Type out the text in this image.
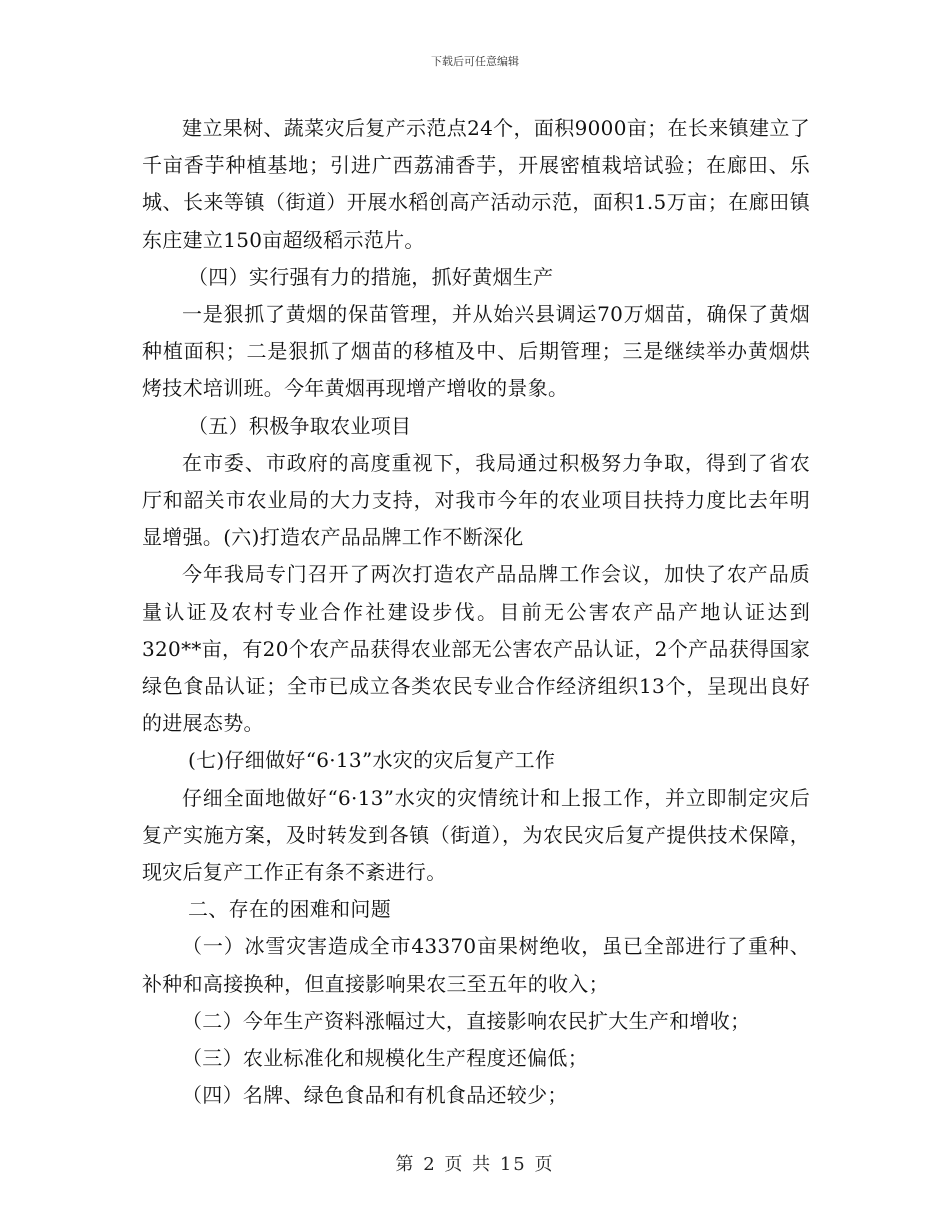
下载后可任意编辑

建立果树、蔬菜灾后复产示范点24个，面积9000亩；在长来镇建立了千亩香芋种植基地；引进广西荔浦香芋，开展密植栽培试验；在廊田、乐城、长来等镇（街道）开展水稻创高产活动示范，面积1.5万亩；在廊田镇东庄建立150亩超级稻示范片。

（四）实行强有力的措施，抓好黄烟生产

一是狠抓了黄烟的保苗管理，并从始兴县调运70万烟苗，确保了黄烟种植面积；二是狠抓了烟苗的移植及中、后期管理；三是继续举办黄烟烘烤技术培训班。今年黄烟再现增产增收的景象。

（五）积极争取农业项目

在市委、市政府的高度重视下，我局通过积极努力争取，得到了省农厅和韶关市农业局的大力支持，对我市今年的农业项目扶持力度比去年明显增强。(六)打造农产品品牌工作不断深化

今年我局专门召开了两次打造农产品品牌工作会议，加快了农产品质量认证及农村专业合作社建设步伐。目前无公害农产品产地认证达到320**亩，有20个农产品获得农业部无公害农产品认证，2个产品获得国家绿色食品认证；全市已成立各类农民专业合作经济组织13个，呈现出良好的进展态势。

(七)仔细做好“6·13”水灾的灾后复产工作

仔细全面地做好“6·13”水灾的灾情统计和上报工作，并立即制定灾后复产实施方案，及时转发到各镇（街道），为农民灾后复产提供技术保障，现灾后复产工作正有条不紊进行。

二、存在的困难和问题

（一）冰雪灾害造成全市43370亩果树绝收，虽已全部进行了重种、补种和高接换种，但直接影响果农三至五年的收入；

（二）今年生产资料涨幅过大，直接影响农民扩大生产和增收；

（三）农业标准化和规模化生产程度还偏低；

（四）名牌、绿色食品和有机食品还较少；

第 2 页 共 15 页
